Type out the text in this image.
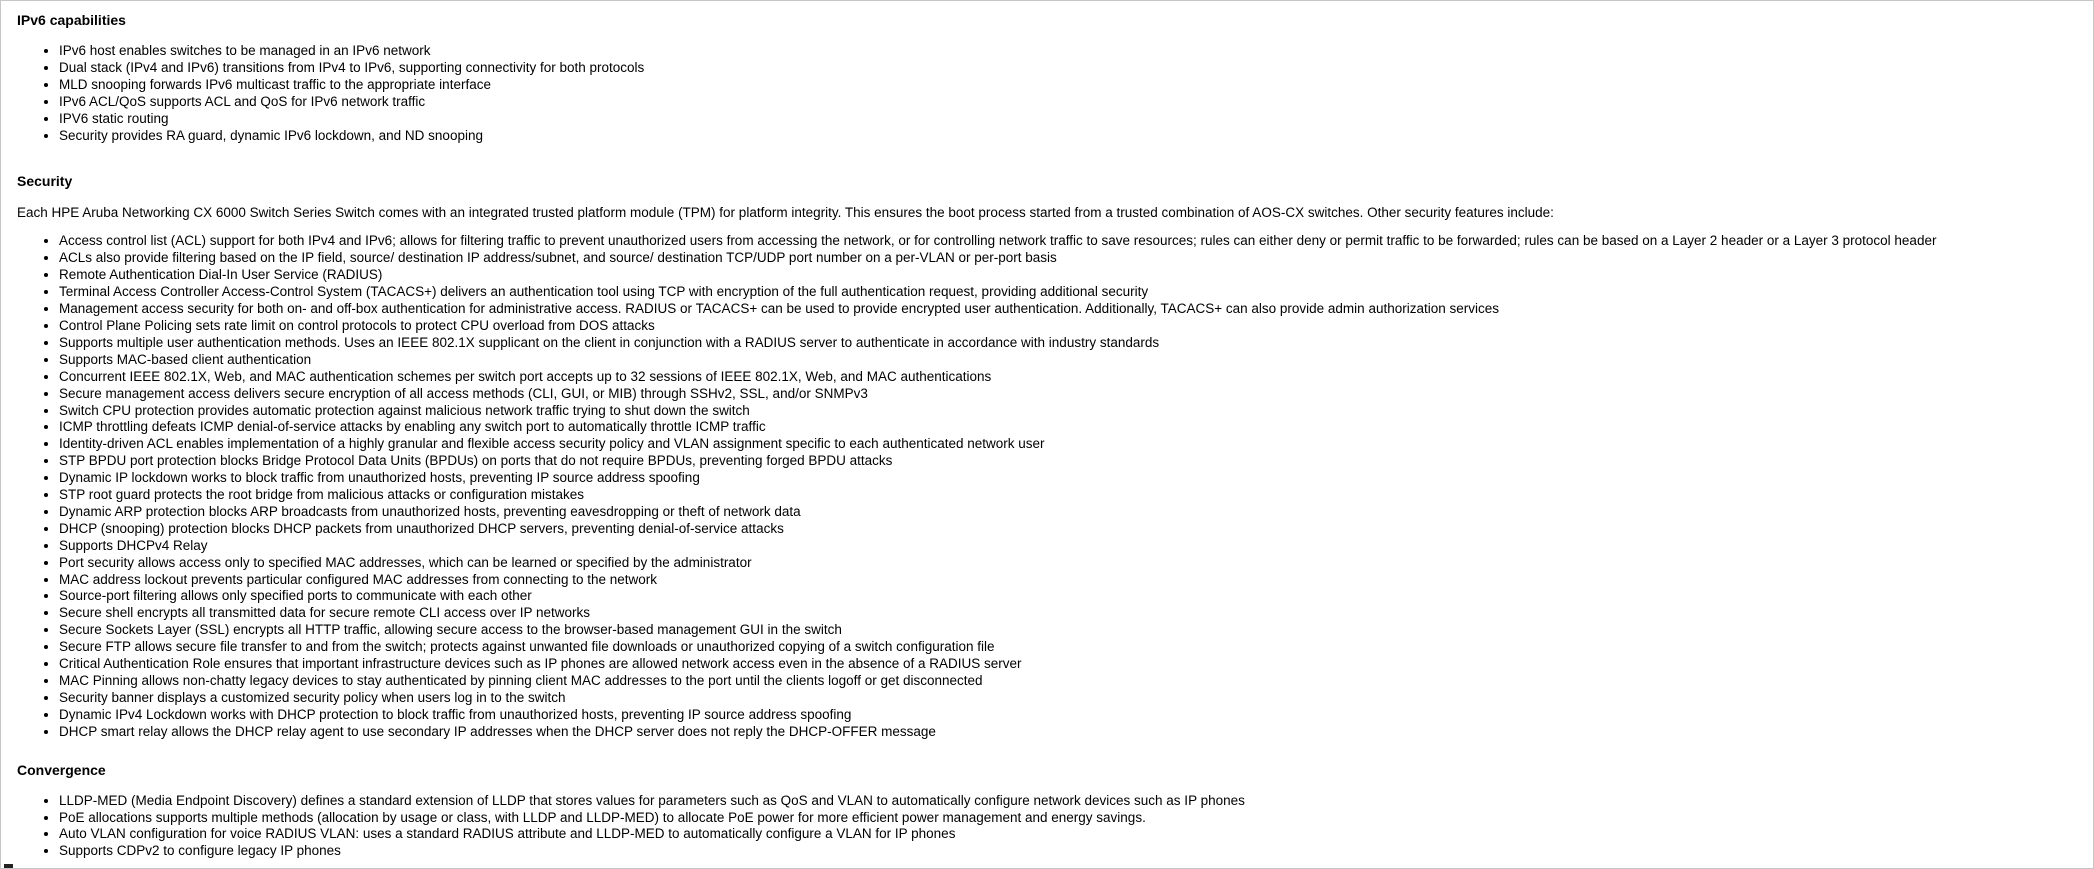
IPv6 capabilities
• IPv6 host enables switches to be managed in an IPv6 network
• Dual stack (IPv4 and IPv6) transitions from IPv4 to IPv6, supporting connectivity for both protocols
• MLD snooping forwards IPv6 multicast traffic to the appropriate interface
• IPv6 ACL/QoS supports ACL and QoS for IPv6 network traffic
• IPV6 static routing
• Security provides RA guard, dynamic IPv6 lockdown, and ND snooping
Security

Each HPE Aruba Networking CX 6000 Switch Series Switch comes with an integrated trusted platform module (TPM) for platform integrity. This ensures the boot process started from a trusted combination of AOS-CX switches. Other security features include:

• Access control list (ACL) support for both IPv4 and IPv6; allows for filtering traffic to prevent unauthorized users from accessing the network, or for controlling network traffic to save resources; rules can either deny or permit traffic to be forwarded; rules can be based on a Layer 2 header or a Layer 3 protocol header
• ACLs also provide filtering based on the IP field, source/ destination IP address/subnet, and source/ destination TCP/UDP port number on a per-VLAN or per-port basis
• Remote Authentication Dial-In User Service (RADIUS)
• Terminal Access Controller Access-Control System (TACACS+) delivers an authentication tool using TCP with encryption of the full authentication request, providing additional security
• Management access security for both on- and off-box authentication for administrative access. RADIUS or TACACS+ can be used to provide encrypted user authentication. Additionally, TACACS+ can also provide admin authorization services
• Control Plane Policing sets rate limit on control protocols to protect CPU overload from DOS attacks
• Supports multiple user authentication methods. Uses an IEEE 802.1X supplicant on the client in conjunction with a RADIUS server to authenticate in accordance with industry standards
• Supports MAC-based client authentication
• Concurrent IEEE 802.1X, Web, and MAC authentication schemes per switch port accepts up to 32 sessions of IEEE 802.1X, Web, and MAC authentications
• Secure management access delivers secure encryption of all access methods (CLI, GUI, or MIB) through SSHv2, SSL, and/or SNMPv3
• Switch CPU protection provides automatic protection against malicious network traffic trying to shut down the switch
• ICMP throttling defeats ICMP denial-of-service attacks by enabling any switch port to automatically throttle ICMP traffic
• Identity-driven ACL enables implementation of a highly granular and flexible access security policy and VLAN assignment specific to each authenticated network user
• STP BPDU port protection blocks Bridge Protocol Data Units (BPDUs) on ports that do not require BPDUs, preventing forged BPDU attacks
• Dynamic IP lockdown works to block traffic from unauthorized hosts, preventing IP source address spoofing
• STP root guard protects the root bridge from malicious attacks or configuration mistakes
• Dynamic ARP protection blocks ARP broadcasts from unauthorized hosts, preventing eavesdropping or theft of network data
• DHCP (snooping) protection blocks DHCP packets from unauthorized DHCP servers, preventing denial-of-service attacks
• Supports DHCPv4 Relay
• Port security allows access only to specified MAC addresses, which can be learned or specified by the administrator
• MAC address lockout prevents particular configured MAC addresses from connecting to the network
• Source-port filtering allows only specified ports to communicate with each other
• Secure shell encrypts all transmitted data for secure remote CLI access over IP networks
• Secure Sockets Layer (SSL) encrypts all HTTP traffic, allowing secure access to the browser-based management GUI in the switch
• Secure FTP allows secure file transfer to and from the switch; protects against unwanted file downloads or unauthorized copying of a switch configuration file
• Critical Authentication Role ensures that important infrastructure devices such as IP phones are allowed network access even in the absence of a RADIUS server
• MAC Pinning allows non-chatty legacy devices to stay authenticated by pinning client MAC addresses to the port until the clients logoff or get disconnected
• Security banner displays a customized security policy when users log in to the switch
• Dynamic IPv4 Lockdown works with DHCP protection to block traffic from unauthorized hosts, preventing IP source address spoofing
• DHCP smart relay allows the DHCP relay agent to use secondary IP addresses when the DHCP server does not reply the DHCP-OFFER message
Convergence
• LLDP-MED (Media Endpoint Discovery) defines a standard extension of LLDP that stores values for parameters such as QoS and VLAN to automatically configure network devices such as IP phones
• PoE allocations supports multiple methods (allocation by usage or class, with LLDP and LLDP-MED) to allocate PoE power for more efficient power management and energy savings.
• Auto VLAN configuration for voice RADIUS VLAN: uses a standard RADIUS attribute and LLDP-MED to automatically configure a VLAN for IP phones
• Supports CDPv2 to configure legacy IP phones
